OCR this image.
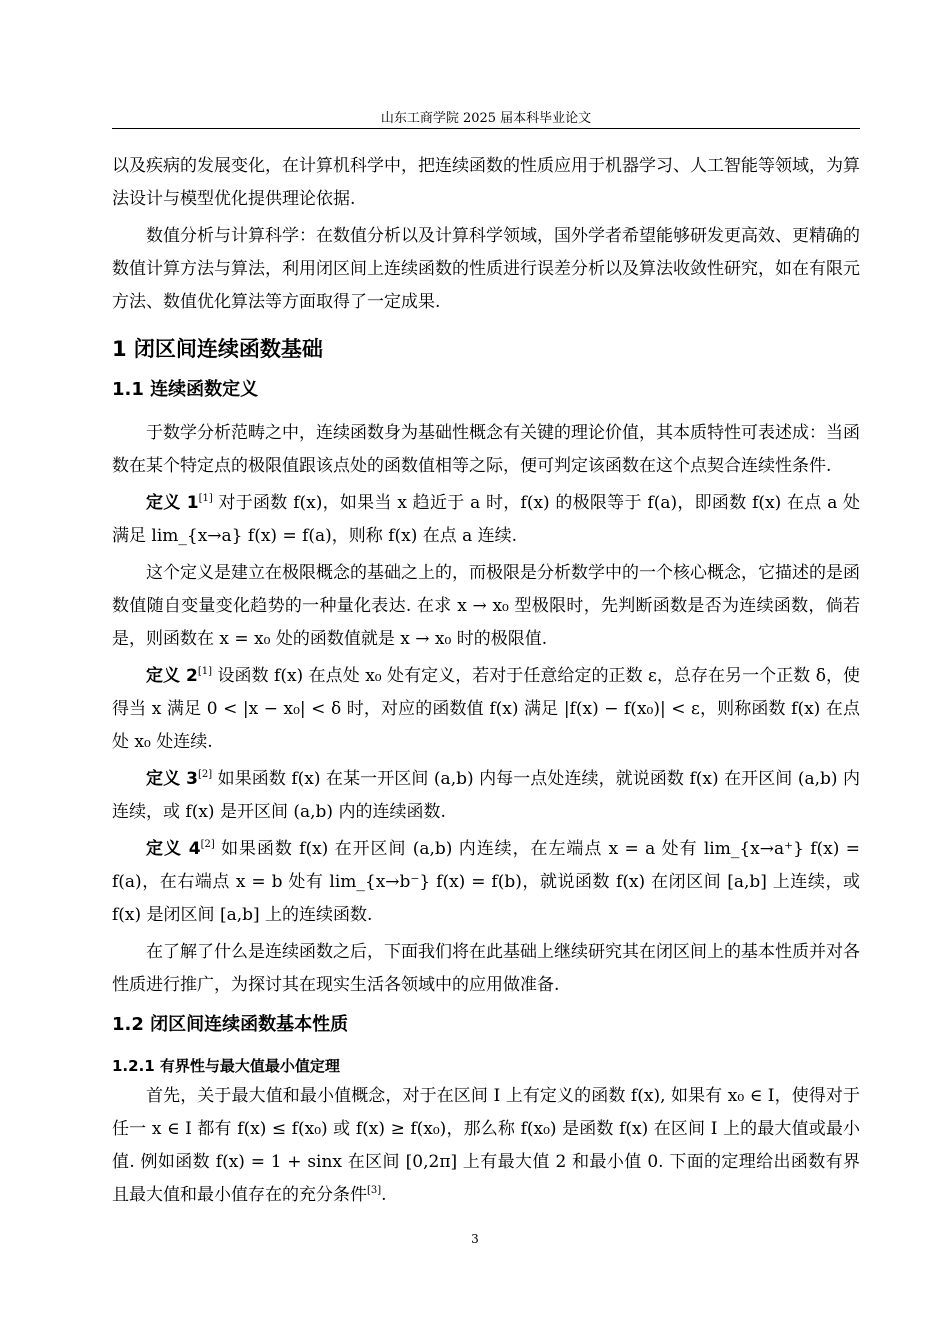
山东工商学院 2025 届本科毕业论文

以及疾病的发展变化，在计算机科学中，把连续函数的性质应用于机器学习、人工智能等领域，为算法设计与模型优化提供理论依据.

数值分析与计算科学：在数值分析以及计算科学领域，国外学者希望能够研发更高效、更精确的数值计算方法与算法，利用闭区间上连续函数的性质进行误差分析以及算法收敛性研究，如在有限元方法、数值优化算法等方面取得了一定成果.

1 闭区间连续函数基础
1.1 连续函数定义

于数学分析范畴之中，连续函数身为基础性概念有关键的理论价值，其本质特性可表述成：当函数在某个特定点的极限值跟该点处的函数值相等之际，便可判定该函数在这个点契合连续性条件.

定义 1[1] 对于函数 f(x)，如果当 x 趋近于 a 时，f(x) 的极限等于 f(a)，即函数 f(x) 在点 a 处满足 lim_{x→a} f(x) = f(a)，则称 f(x) 在点 a 连续.

这个定义是建立在极限概念的基础之上的，而极限是分析数学中的一个核心概念，它描述的是函数值随自变量变化趋势的一种量化表达. 在求 x → x₀ 型极限时，先判断函数是否为连续函数，倘若是，则函数在 x = x₀ 处的函数值就是 x → x₀ 时的极限值.

定义 2[1] 设函数 f(x) 在点处 x₀ 处有定义，若对于任意给定的正数 ε，总存在另一个正数 δ，使得当 x 满足 0 < |x − x₀| < δ 时，对应的函数值 f(x) 满足 |f(x) − f(x₀)| < ε，则称函数 f(x) 在点处 x₀ 处连续.

定义 3[2] 如果函数 f(x) 在某一开区间 (a,b) 内每一点处连续，就说函数 f(x) 在开区间 (a,b) 内连续，或 f(x) 是开区间 (a,b) 内的连续函数.

定义 4[2] 如果函数 f(x) 在开区间 (a,b) 内连续，在左端点 x = a 处有 lim_{x→a⁺} f(x) = f(a)，在右端点 x = b 处有 lim_{x→b⁻} f(x) = f(b)，就说函数 f(x) 在闭区间 [a,b] 上连续，或 f(x) 是闭区间 [a,b] 上的连续函数.

在了解了什么是连续函数之后，下面我们将在此基础上继续研究其在闭区间上的基本性质并对各性质进行推广，为探讨其在现实生活各领域中的应用做准备.

1.2 闭区间连续函数基本性质
1.2.1 有界性与最大值最小值定理

首先，关于最大值和最小值概念，对于在区间 I 上有定义的函数 f(x), 如果有 x₀ ∈ I，使得对于任一 x ∈ I 都有 f(x) ≤ f(x₀) 或 f(x) ≥ f(x₀)，那么称 f(x₀) 是函数 f(x) 在区间 I 上的最大值或最小值. 例如函数 f(x) = 1 + sinx 在区间 [0,2π] 上有最大值 2 和最小值 0. 下面的定理给出函数有界且最大值和最小值存在的充分条件[3].

3
